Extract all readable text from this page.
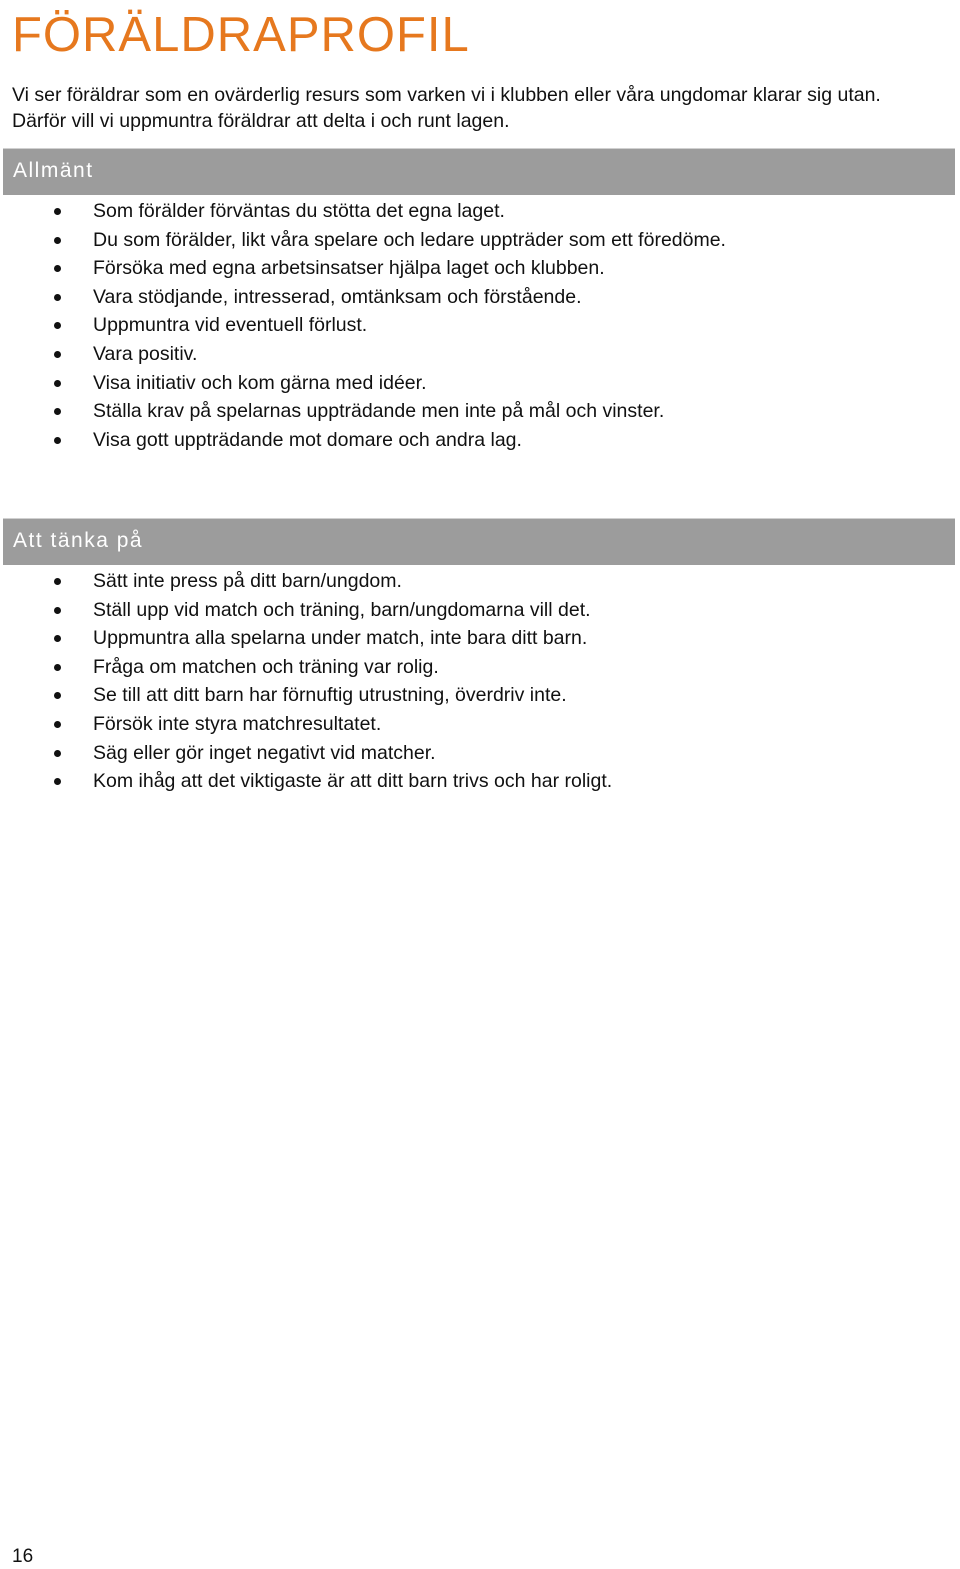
FÖRÄLDRAPROFIL

Vi ser föräldrar som en ovärderlig resurs som varken vi i klubben eller våra ungdomar klarar sig utan.

Därför vill vi uppmuntra föräldrar att delta i och runt lagen.

Allmänt
Som förälder förväntas du stötta det egna laget.
Du som förälder, likt våra spelare och ledare uppträder som ett föredöme.
Försöka med egna arbetsinsatser hjälpa laget och klubben.
Vara stödjande, intresserad, omtänksam och förstående.
Uppmuntra vid eventuell förlust.
Vara positiv.
Visa initiativ och kom gärna med idéer.
Ställa krav på spelarnas uppträdande men inte på mål och vinster.
Visa gott uppträdande mot domare och andra lag.
Att tänka på
Sätt inte press på ditt barn/ungdom.
Ställ upp vid match och träning, barn/ungdomarna vill det.
Uppmuntra alla spelarna under match, inte bara ditt barn.
Fråga om matchen och träning var rolig.
Se till att ditt barn har förnuftig utrustning, överdriv inte.
Försök inte styra matchresultatet.
Säg eller gör inget negativt vid matcher.
Kom ihåg att det viktigaste är att ditt barn trivs och har roligt.
16
